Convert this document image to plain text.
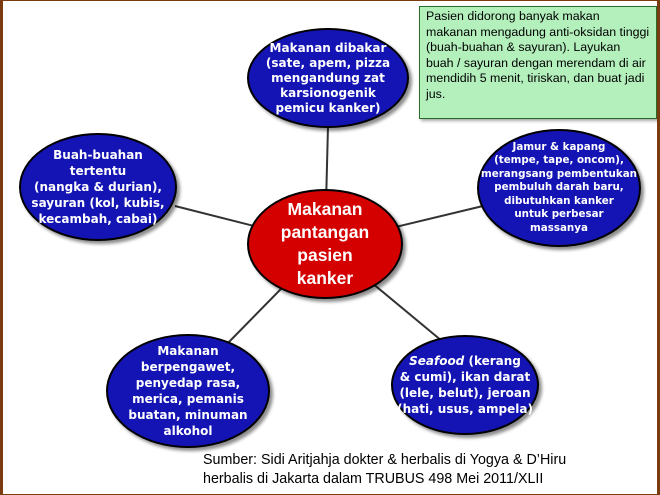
Makanan dibakar
(sate, apem, pizza
mengandung zat
karsionogenik
pemicu kanker)
Buah-buahan
tertentu
(nangka & durian),
sayuran (kol, kubis,
kecambah, cabai)
Jamur & kapang
(tempe, tape, oncom),
merangsang pembentukan
pembuluh darah baru,
dibutuhkan kanker
untuk perbesar
massanya
Makanan
berpengawet,
penyedap rasa,
merica, pemanis
buatan, minuman
alkohol
Seafood (kerang
& cumi), ikan darat
(lele, belut), jeroan
(hati, usus, ampela)
Makanan
pantangan
pasien
kanker
Pasien didorong banyak makan makanan mengadung anti-oksidan tinggi (buah-buahan & sayuran). Layukan buah / sayuran dengan merendam di air mendidih 5 menit, tiriskan, dan buat jadi jus.
Sumber: Sidi Aritjahja dokter & herbalis di Yogya & D’Hiru
herbalis di Jakarta dalam TRUBUS 498 Mei 2011/XLII
